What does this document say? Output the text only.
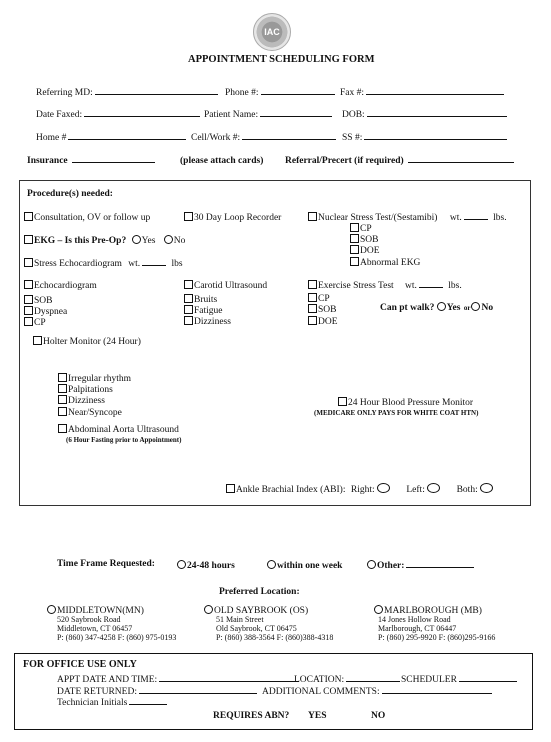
IAC
APPOINTMENT SCHEDULING FORM
Referring MD:	Phone #:	Fax #:
Date Faxed:	Patient Name:	DOB:
Home #	Cell/Work #:	SS #:
Insurance	(please attach cards) Referral/Precert (if required)
Procedure(s) needed:
Consultation, OV or follow up	30 Day Loop Recorder	Nuclear Stress Test/(Sestamibi) wt.	lbs.
CP
SOB
DOE
Abnormal EKG
EKG – Is this Pre-Op? Yes No
Stress Echocardiogram wt.	lbs
Echocardiogram
SOB
Dyspnea
CP
Carotid Ultrasound
Bruits
Fatigue
Dizziness
Exercise Stress Test wt.	lbs.
CP
SOB
DOE
Can pt walk? Yes or No
Holter Monitor (24 Hour)
Irregular rhythm
Palpitations
Dizziness
Near/Syncope
24 Hour Blood Pressure Monitor
(MEDICARE ONLY PAYS FOR WHITE COAT HTN)
Abdominal Aorta Ultrasound
(6 Hour Fasting prior to Appointment)
Ankle Brachial Index (ABI): Right:	Left:	Both:
Time Frame Requested:	24-48 hours	within one week	Other:
Preferred Location:
MIDDLETOWN(MN)
520 Saybrook Road
Middletown, CT 06457
P: (860) 347-4258 F: (860) 975-0193
OLD SAYBROOK (OS)
51 Main Street
Old Saybrook, CT 06475
P: (860) 388-3564 F: (860)388-4318
MARLBOROUGH (MB)
14 Jones Hollow Road
Marlborough, CT 06447
P: (860) 295-9920 F: (860)295-9166
FOR OFFICE USE ONLY
APPT DATE AND TIME:	LOCATION:	SCHEDULER
DATE RETURNED:	ADDITIONAL COMMENTS:
Technician Initials
REQUIRES ABN? YES	NO
